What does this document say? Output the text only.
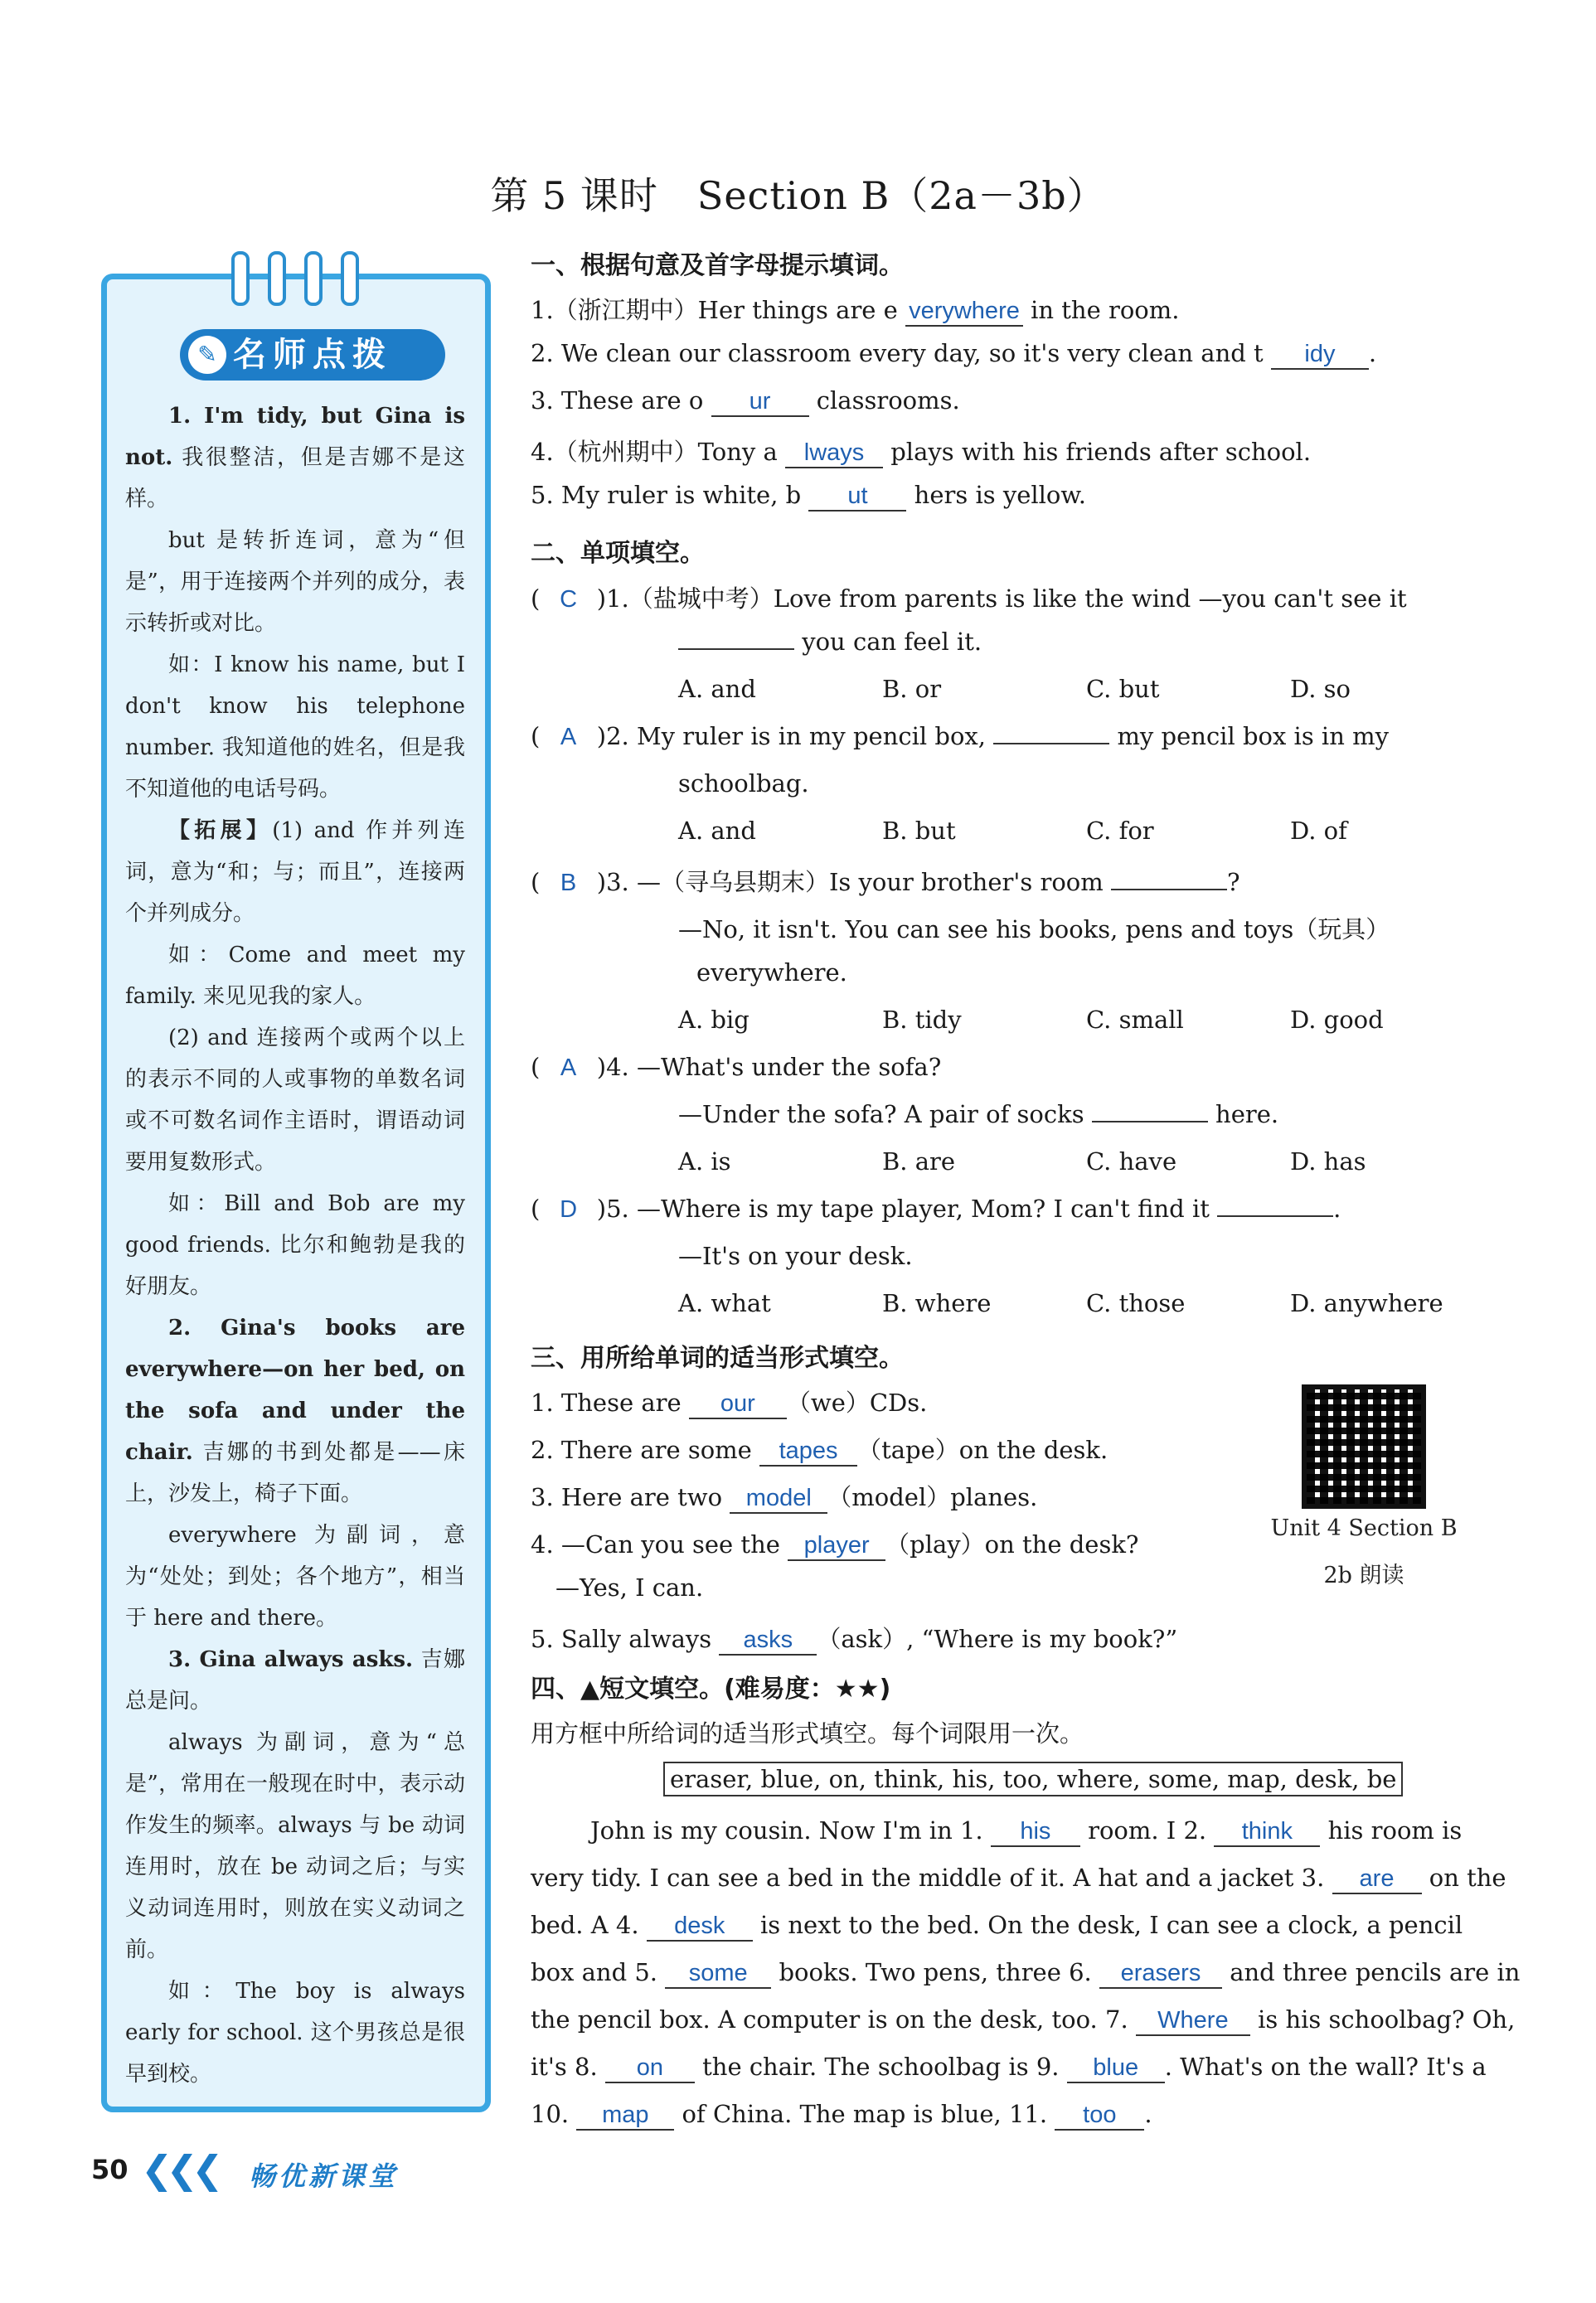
第 5 课时　Section B（2a－3b）
✎ 名师点拨

1. I'm tidy, but Gina is not. 我很整洁，但是吉娜不是这样。

but 是转折连词，意为“但是”，用于连接两个并列的成分，表示转折或对比。

如：I know his name, but I don't know his telephone number. 我知道他的姓名，但是我不知道他的电话号码。

【拓展】(1) and 作并列连词，意为“和；与；而且”，连接两个并列成分。

如：Come and meet my family. 来见见我的家人。

(2) and 连接两个或两个以上的表示不同的人或事物的单数名词或不可数名词作主语时，谓语动词要用复数形式。

如：Bill and Bob are my good friends. 比尔和鲍勃是我的好朋友。

2. Gina's books are everywhere—on her bed, on the sofa and under the chair. 吉娜的书到处都是——床上，沙发上，椅子下面。

everywhere 为副词，意为“处处；到处；各个地方”，相当于 here and there。

3. Gina always asks. 吉娜总是问。

always 为副词，意为“总是”，常用在一般现在时中，表示动作发生的频率。always 与 be 动词连用时，放在 be 动词之后；与实义动词连用时，则放在实义动词之前。

如：The boy is always early for school. 这个男孩总是很早到校。

一、根据句意及首字母提示填词。
1.（浙江期中）Her things are e verywhere in the room.
2. We clean our classroom every day, so it's very clean and t idy .
3. These are o ur classrooms.
4.（杭州期中）Tony a lways plays with his friends after school.
5. My ruler is white, b ut hers is yellow.
二、单项填空。
( C )1.（盐城中考）Love from parents is like the wind —you can't see it
you can feel it.
A. and	B. or	C. but	D. so
( A )2. My ruler is in my pencil box,	my pencil box is in my
schoolbag.
A. and	B. but	C. for	D. of
( B )3. —（寻乌县期末）Is your brother's room	?
—No, it isn't. You can see his books, pens and toys（玩具）
everywhere.
A. big	B. tidy	C. small	D. good
( A )4. —What's under the sofa?
—Under the sofa? A pair of socks	here.
A. is	B. are	C. have	D. has
( D )5. —Where is my tape player, Mom? I can't find it	.
—It's on your desk.
A. what	B. where	C. those	D. anywhere
三、用所给单词的适当形式填空。
1. These are our （we）CDs.
2. There are some tapes （tape）on the desk.
3. Here are two model （model）planes.
4. —Can you see the player （play）on the desk?
—Yes, I can.
5. Sally always asks （ask）, “Where is my book?”
四、▲短文填空。(难易度：★★)
用方框中所给词的适当形式填空。每个词限用一次。
eraser, blue, on, think, his, too, where, some, map, desk, be
John is my cousin. Now I'm in 1. his room. I 2. think his room is
very tidy. I can see a bed in the middle of it. A hat and a jacket 3. are on the
bed. A 4. desk is next to the bed. On the desk, I can see a clock, a pencil
box and 5. some books. Two pens, three 6. erasers and three pencils are in
the pencil box. A computer is on the desk, too. 7. Where is his schoolbag? Oh,
it's 8. on the chair. The schoolbag is 9. blue . What's on the wall? It's a
10. map of China. The map is blue, 11. too .
Unit 4 Section B
2b 朗读
50 ❮❮❮ 畅优新课堂
